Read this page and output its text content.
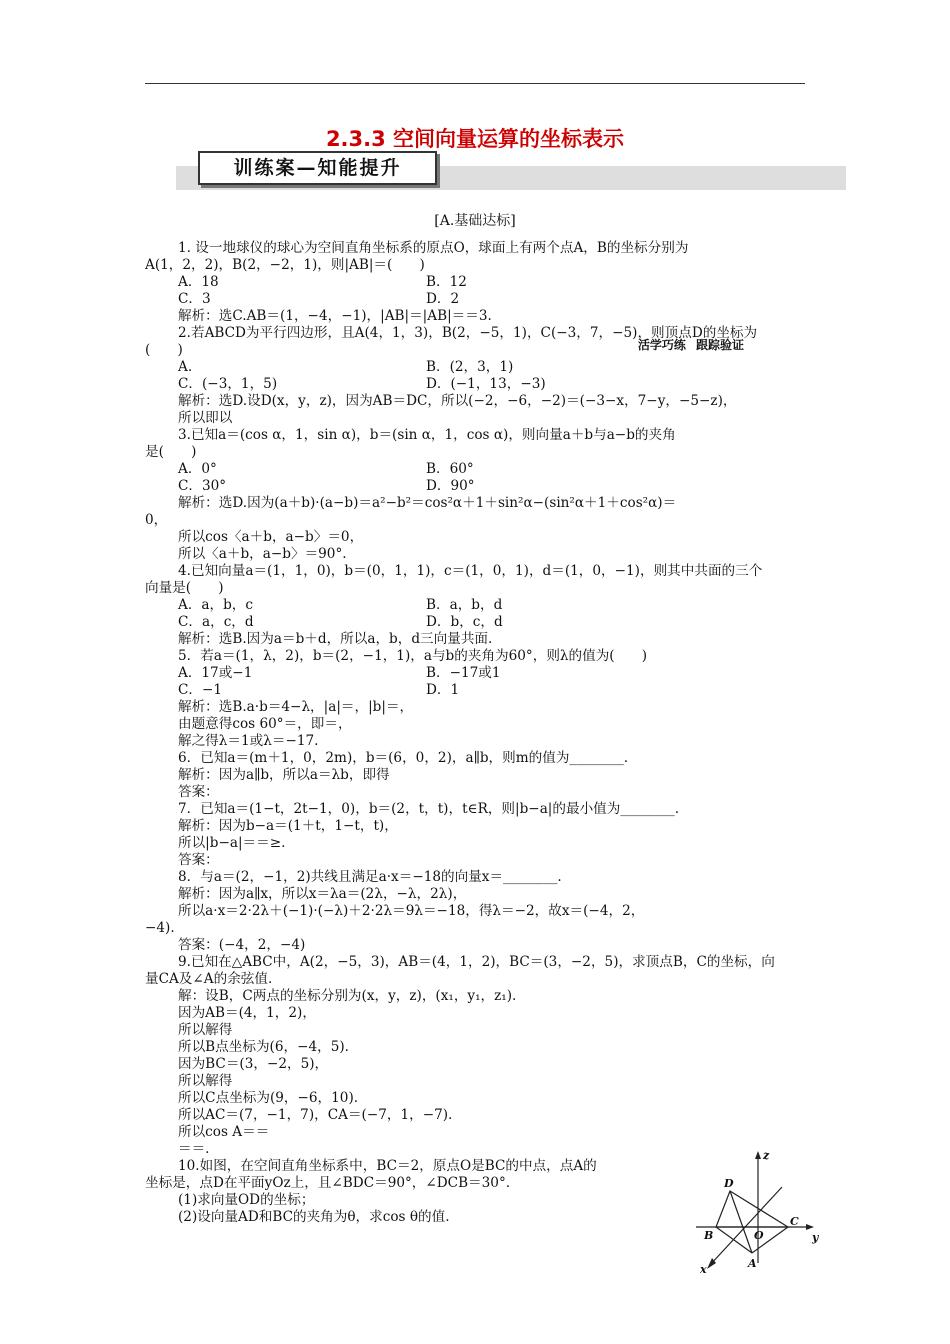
2.3.3 空间向量运算的坐标表示
活学巧练 跟踪验证
训练案—知能提升
[A.基础达标]
1. 设一地球仪的球心为空间直角坐标系的原点O，球面上有两个点A，B的坐标分别为
A(1，2，2)，B(2，−2，1)，则|AB|＝(　　)
A．18	B．12
C．3	D．2
解析：选C.AB＝(1，−4，−1)，|AB|＝|AB|＝＝3.
2.若ABCD为平行四边形，且A(4，1，3)，B(2，−5，1)，C(−3，7，−5)，则顶点D的坐标为
(　　)
A.	B．(2，3，1)
C．(−3，1，5)	D．(−1，13，−3)
解析：选D.设D(x，y，z)，因为AB＝DC，所以(−2，−6，−2)＝(−3−x，7−y，−5−z)，
所以即以
3.已知a＝(cos α，1，sin α)，b＝(sin α，1，cos α)，则向量a＋b与a−b的夹角
是(　　)
A．0°	B．60°
C．30°	D．90°
解析：选D.因为(a＋b)·(a−b)＝a²−b²＝cos²α＋1＋sin²α−(sin²α＋1＋cos²α)＝
0，
所以cos〈a＋b，a−b〉＝0，
所以〈a＋b，a−b〉＝90°.
4.已知向量a＝(1，1，0)，b＝(0，1，1)，c＝(1，0，1)，d＝(1，0，−1)，则其中共面的三个
向量是(　　)
A．a，b，c	B．a，b，d
C．a，c，d	D．b，c，d
解析：选B.因为a＝b＋d，所以a，b，d三向量共面.
5．若a＝(1，λ，2)，b＝(2，−1，1)，a与b的夹角为60°，则λ的值为(　　)
A．17或−1	B．−17或1
C．−1	D．1
解析：选B.a·b＝4−λ，|a|＝，|b|＝，
由题意得cos 60°＝，即＝，
解之得λ＝1或λ＝−17.
6．已知a＝(m＋1，0，2m)，b＝(6，0，2)，a∥b，则m的值为________.
解析：因为a∥b，所以a＝λb，即得
答案：
7．已知a＝(1−t，2t−1，0)，b＝(2，t，t)，t∈R，则|b−a|的最小值为________.
解析：因为b−a＝(1＋t，1−t，t)，
所以|b−a|＝＝≥.
答案：
8．与a＝(2，−1，2)共线且满足a·x＝−18的向量x＝________.
解析：因为a∥x，所以x＝λa＝(2λ，−λ，2λ)，
所以a·x＝2·2λ＋(−1)·(−λ)＋2·2λ＝9λ＝−18，得λ＝−2，故x＝(−4，2，
−4).
答案：(−4，2，−4)
9.已知在△ABC中，A(2，−5，3)，AB＝(4，1，2)，BC＝(3，−2，5)，求顶点B，C的坐标，向
量CA及∠A的余弦值.
解：设B，C两点的坐标分别为(x，y，z)，(x₁，y₁，z₁).
因为AB＝(4，1，2)，
所以解得
所以B点坐标为(6，−4，5).
因为BC＝(3，−2，5)，
所以解得
所以C点坐标为(9，−6，10).
所以AC＝(7，−1，7)，CA＝(−7，1，−7).
所以cos A＝＝
＝＝.
10.如图，在空间直角坐标系中，BC＝2，原点O是BC的中点，点A的
坐标是，点D在平面yOz上，且∠BDC＝90°，∠DCB＝30°.
(1)求向量OD的坐标；
(2)设向量AD和BC的夹角为θ，求cos θ的值.
z
y
x
D
B	O
C
A
